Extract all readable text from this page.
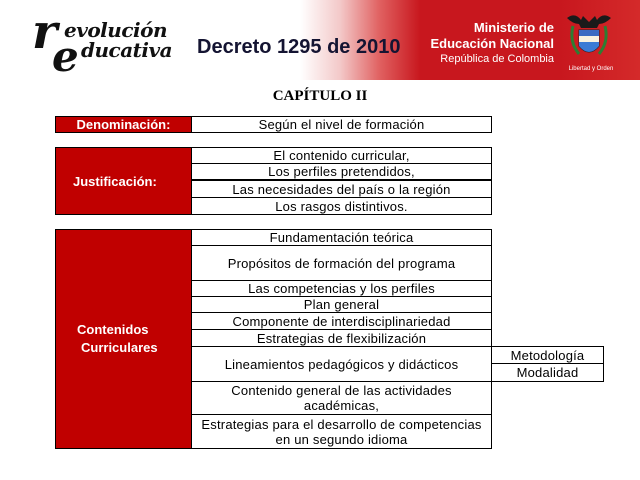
r evolución
e ducativa Decreto 1295 de 2010
Ministerio de
Educación Nacional
República de Colombia
Libertad y Orden
CAPÍTULO II
Denominación:	Según el nivel de formación
Justificación:
El contenido curricular,
Los perfiles pretendidos,
Las necesidades del país o la región
Los rasgos distintivos.
Contenidos
Curriculares
Fundamentación teórica
Propósitos de formación del programa
Las competencias y los perfiles
Plan general
Componente de interdisciplinariedad
Estrategias de flexibilización
Lineamientos pedagógicos y didácticos
Metodología
Modalidad
Contenido general de las actividades académicas,
Estrategias para el desarrollo de competencias en un segundo idioma
